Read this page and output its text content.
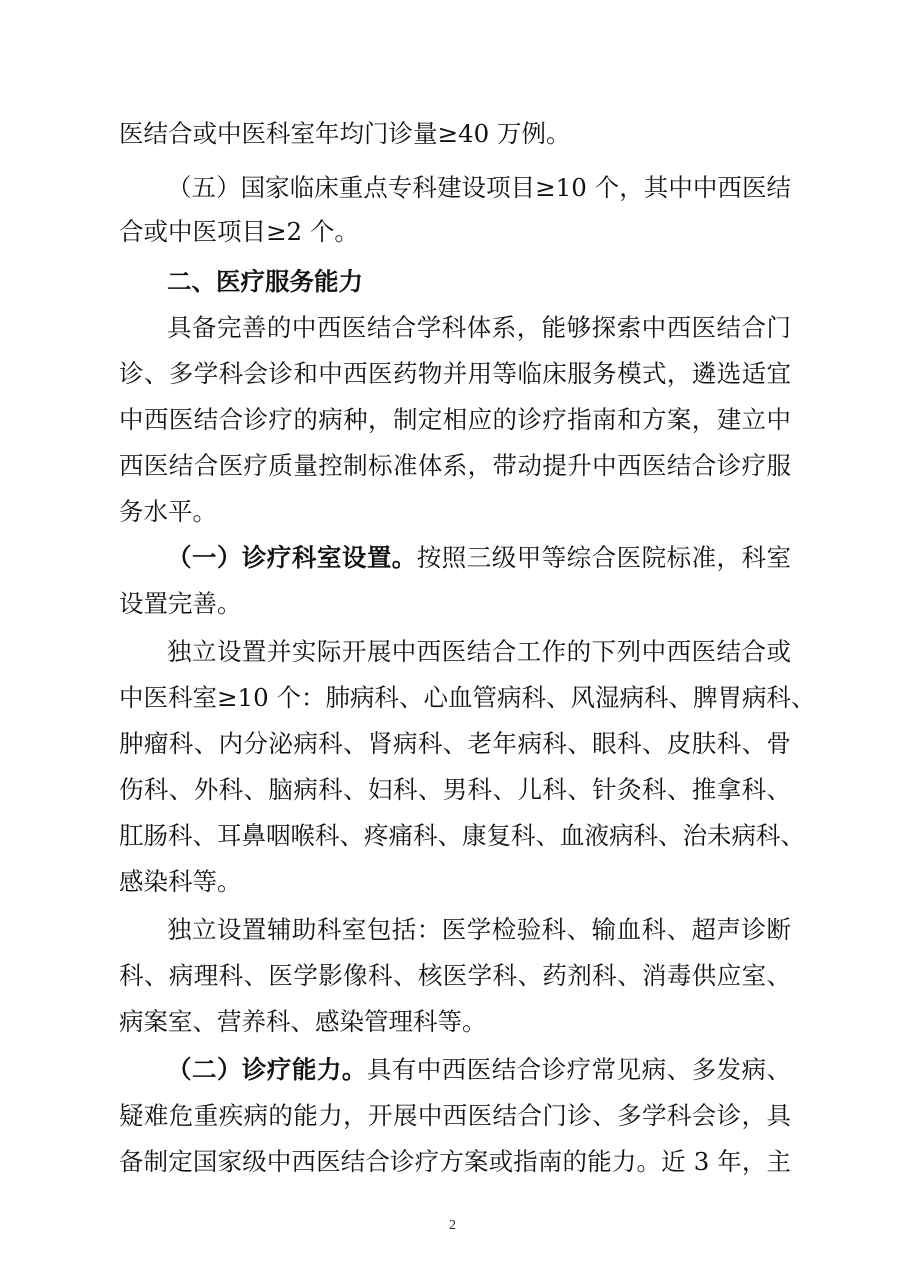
医结合或中医科室年均门诊量≥40 万例。
（五）国家临床重点专科建设项目≥10 个，其中中西医结
合或中医项目≥2 个。
二、医疗服务能力
具备完善的中西医结合学科体系，能够探索中西医结合门
诊、多学科会诊和中西医药物并用等临床服务模式，遴选适宜
中西医结合诊疗的病种，制定相应的诊疗指南和方案，建立中
西医结合医疗质量控制标准体系，带动提升中西医结合诊疗服
务水平。
（一）诊疗科室设置。按照三级甲等综合医院标准，科室
设置完善。
独立设置并实际开展中西医结合工作的下列中西医结合或
中医科室≥10 个：肺病科、心血管病科、风湿病科、脾胃病科、
肿瘤科、内分泌病科、肾病科、老年病科、眼科、皮肤科、骨
伤科、外科、脑病科、妇科、男科、儿科、针灸科、推拿科、
肛肠科、耳鼻咽喉科、疼痛科、康复科、血液病科、治未病科、
感染科等。
独立设置辅助科室包括：医学检验科、输血科、超声诊断
科、病理科、医学影像科、核医学科、药剂科、消毒供应室、
病案室、营养科、感染管理科等。
（二）诊疗能力。具有中西医结合诊疗常见病、多发病、
疑难危重疾病的能力，开展中西医结合门诊、多学科会诊，具
备制定国家级中西医结合诊疗方案或指南的能力。近 3 年，主
2
